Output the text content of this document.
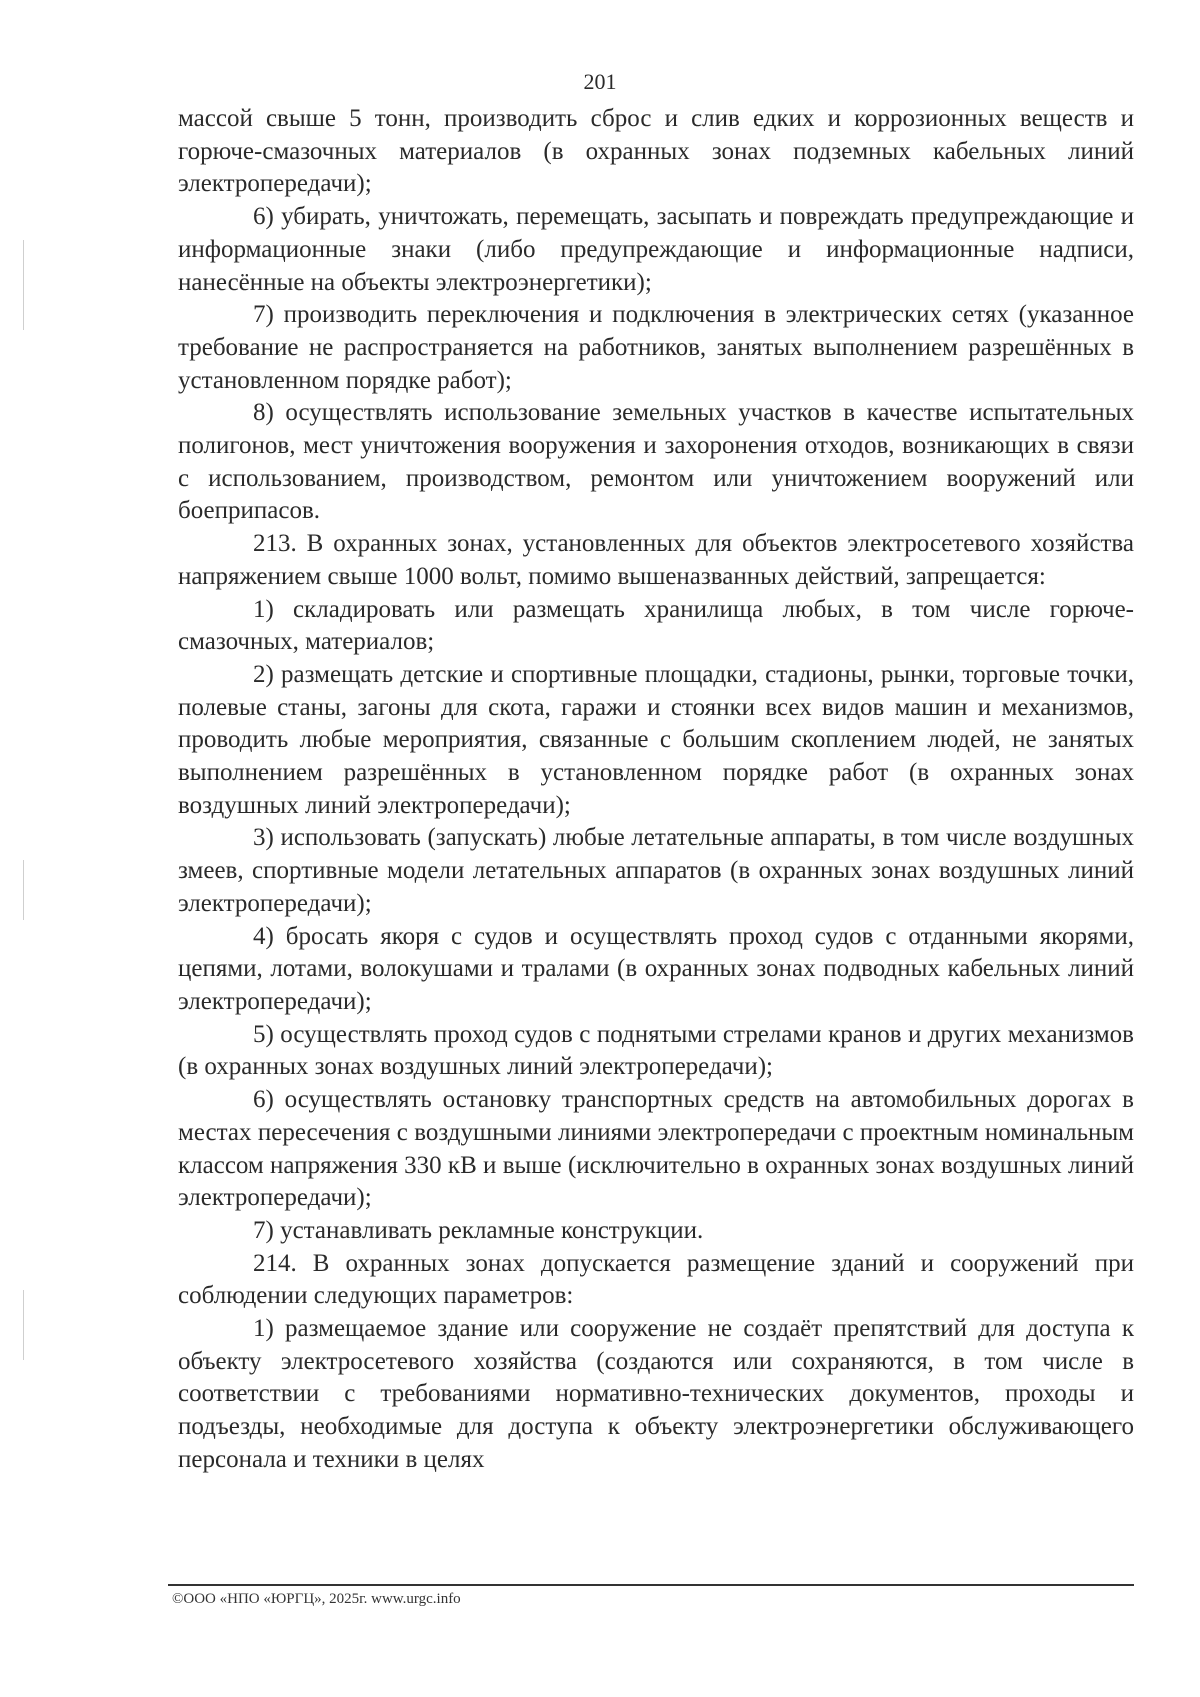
201

массой свыше 5 тонн, производить сброс и слив едких и коррозионных веществ и горюче-смазочных материалов (в охранных зонах подземных кабельных линий электропередачи);

6) убирать, уничтожать, перемещать, засыпать и повреждать предупреждающие и информационные знаки (либо предупреждающие и информационные надписи, нанесённые на объекты электроэнергетики);

7) производить переключения и подключения в электрических сетях (указанное требование не распространяется на работников, занятых выполнением разрешённых в установленном порядке работ);

8) осуществлять использование земельных участков в качестве испытательных полигонов, мест уничтожения вооружения и захоронения отходов, возникающих в связи с использованием, производством, ремонтом или уничтожением вооружений или боеприпасов.

213. В охранных зонах, установленных для объектов электросетевого хозяйства напряжением свыше 1000 вольт, помимо вышеназванных действий, запрещается:

1) складировать или размещать хранилища любых, в том числе горюче-смазочных, материалов;

2) размещать детские и спортивные площадки, стадионы, рынки, торговые точки, полевые станы, загоны для скота, гаражи и стоянки всех видов машин и механизмов, проводить любые мероприятия, связанные с большим скоплением людей, не занятых выполнением разрешённых в установленном порядке работ (в охранных зонах воздушных линий электропередачи);

3) использовать (запускать) любые летательные аппараты, в том числе воздушных змеев, спортивные модели летательных аппаратов (в охранных зонах воздушных линий электропередачи);

4) бросать якоря с судов и осуществлять проход судов с отданными якорями, цепями, лотами, волокушами и тралами (в охранных зонах подводных кабельных линий электропередачи);

5) осуществлять проход судов с поднятыми стрелами кранов и других механизмов (в охранных зонах воздушных линий электропередачи);

6) осуществлять остановку транспортных средств на автомобильных дорогах в местах пересечения с воздушными линиями электропередачи с проектным номинальным классом напряжения 330 кВ и выше (исключительно в охранных зонах воздушных линий электропередачи);

7) устанавливать рекламные конструкции.

214. В охранных зонах допускается размещение зданий и сооружений при соблюдении следующих параметров:

1) размещаемое здание или сооружение не создаёт препятствий для доступа к объекту электросетевого хозяйства (создаются или сохраняются, в том числе в соответствии с требованиями нормативно-технических документов, проходы и подъезды, необходимые для доступа к объекту электроэнергетики обслуживающего персонала и техники в целях

©ООО «НПО «ЮРГЦ», 2025г. www.urgc.info
